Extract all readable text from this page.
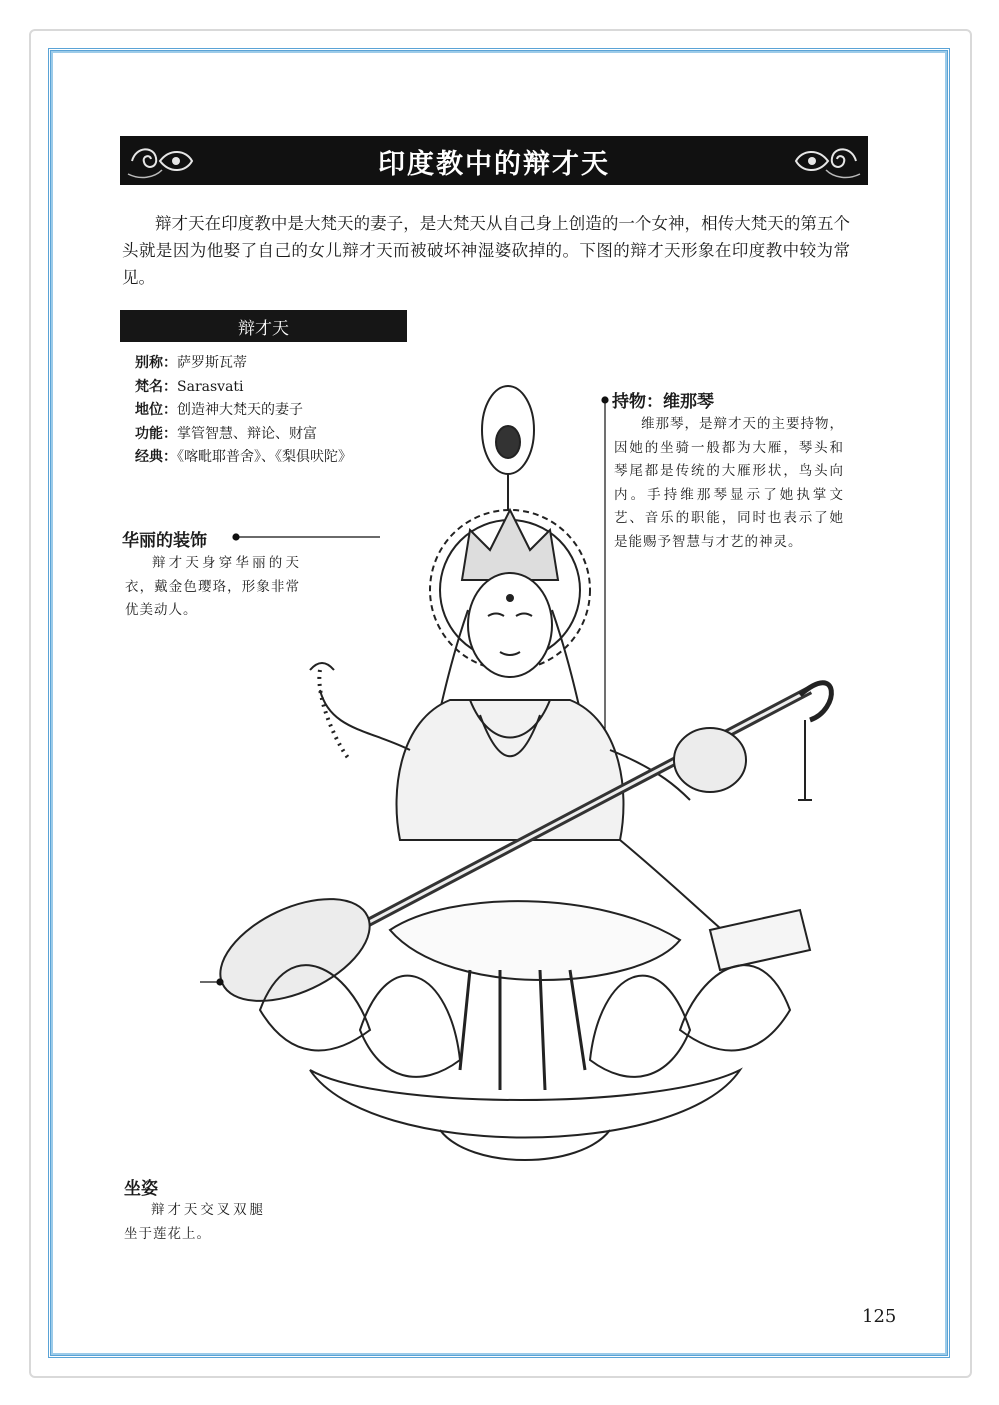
印度教中的辩才天
辩才天在印度教中是大梵天的妻子，是大梵天从自己身上创造的一个女神，相传大梵天的第五个头就是因为他娶了自己的女儿辩才天而被破坏神湿婆砍掉的。下图的辩才天形象在印度教中较为常见。
辩才天
别称：萨罗斯瓦蒂
梵名：Sarasvati
地位：创造神大梵天的妻子
功能：掌管智慧、辩论、财富
经典：《喀毗耶普舍》、《梨俱吠陀》
华丽的装饰
辩才天身穿华丽的天衣，戴金色璎珞，形象非常优美动人。
持物：维那琴
维那琴，是辩才天的主要持物，因她的坐骑一般都为大雁，琴头和琴尾都是传统的大雁形状，鸟头向内。手持维那琴显示了她执掌文艺、音乐的职能，同时也表示了她是能赐予智慧与才艺的神灵。
坐姿
辩才天交叉双腿坐于莲花上。
125
